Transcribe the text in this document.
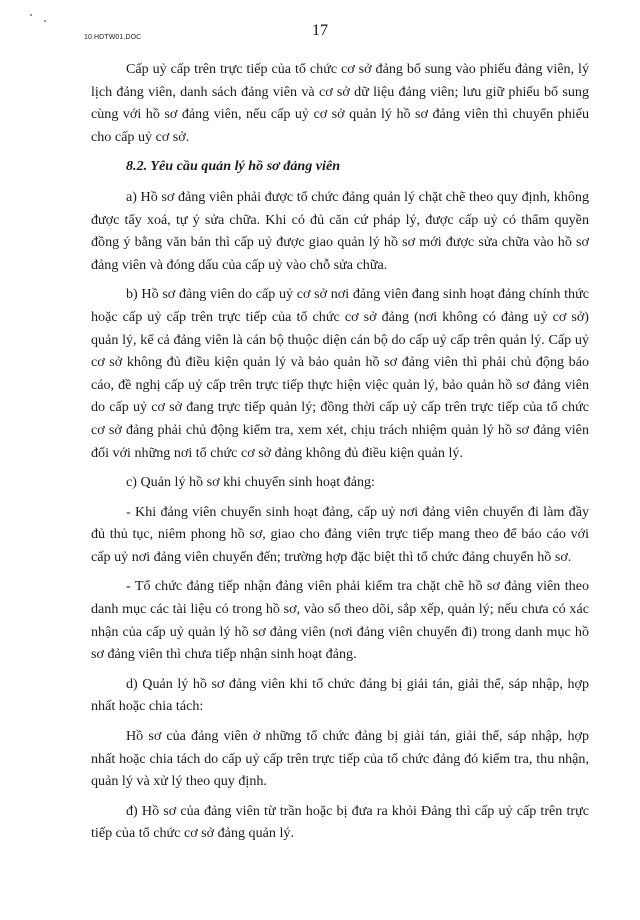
10.HDTW01.DOC	17

Cấp uỷ cấp trên trực tiếp của tổ chức cơ sở đảng bổ sung vào phiếu đảng viên, lý lịch đảng viên, danh sách đảng viên và cơ sở dữ liệu đảng viên; lưu giữ phiếu bổ sung cùng với hồ sơ đảng viên, nếu cấp uỷ cơ sở quản lý hồ sơ đảng viên thì chuyển phiếu cho cấp uỷ cơ sở.

8.2. Yêu cầu quản lý hồ sơ đảng viên

a) Hồ sơ đảng viên phải được tổ chức đảng quản lý chặt chẽ theo quy định, không được tẩy xoá, tự ý sửa chữa. Khi có đủ căn cứ pháp lý, được cấp uỷ có thẩm quyền đồng ý bằng văn bản thì cấp uỷ được giao quản lý hồ sơ mới được sửa chữa vào hồ sơ đảng viên và đóng dấu của cấp uỷ vào chỗ sửa chữa.

b) Hồ sơ đảng viên do cấp uỷ cơ sở nơi đảng viên đang sinh hoạt đảng chính thức hoặc cấp uỷ cấp trên trực tiếp của tổ chức cơ sở đảng (nơi không có đảng uỷ cơ sở) quản lý, kể cả đảng viên là cán bộ thuộc diện cán bộ do cấp uỷ cấp trên quản lý. Cấp uỷ cơ sở không đủ điều kiện quản lý và bảo quản hồ sơ đảng viên thì phải chủ động báo cáo, đề nghị cấp uỷ cấp trên trực tiếp thực hiện việc quản lý, bảo quản hồ sơ đảng viên do cấp uỷ cơ sở đang trực tiếp quản lý; đồng thời cấp uỷ cấp trên trực tiếp của tổ chức cơ sở đảng phải chủ động kiểm tra, xem xét, chịu trách nhiệm quản lý hồ sơ đảng viên đối với những nơi tổ chức cơ sở đảng không đủ điều kiện quản lý.

c) Quản lý hồ sơ khi chuyển sinh hoạt đảng:

- Khi đảng viên chuyển sinh hoạt đảng, cấp uỷ nơi đảng viên chuyển đi làm đầy đủ thủ tục, niêm phong hồ sơ, giao cho đảng viên trực tiếp mang theo để báo cáo với cấp uỷ nơi đảng viên chuyển đến; trường hợp đặc biệt thì tổ chức đảng chuyển hồ sơ.

- Tổ chức đảng tiếp nhận đảng viên phải kiểm tra chặt chẽ hồ sơ đảng viên theo danh mục các tài liệu có trong hồ sơ, vào sổ theo dõi, sắp xếp, quản lý; nếu chưa có xác nhận của cấp uỷ quản lý hồ sơ đảng viên (nơi đảng viên chuyển đi) trong danh mục hồ sơ đảng viên thì chưa tiếp nhận sinh hoạt đảng.

d) Quản lý hồ sơ đảng viên khi tổ chức đảng bị giải tán, giải thể, sáp nhập, hợp nhất hoặc chia tách:

Hồ sơ của đảng viên ở những tổ chức đảng bị giải tán, giải thể, sáp nhập, hợp nhất hoặc chia tách do cấp uỷ cấp trên trực tiếp của tổ chức đảng đó kiểm tra, thu nhận, quản lý và xử lý theo quy định.

đ) Hồ sơ của đảng viên từ trần hoặc bị đưa ra khỏi Đảng thì cấp uỷ cấp trên trực tiếp của tổ chức cơ sở đảng quản lý.
